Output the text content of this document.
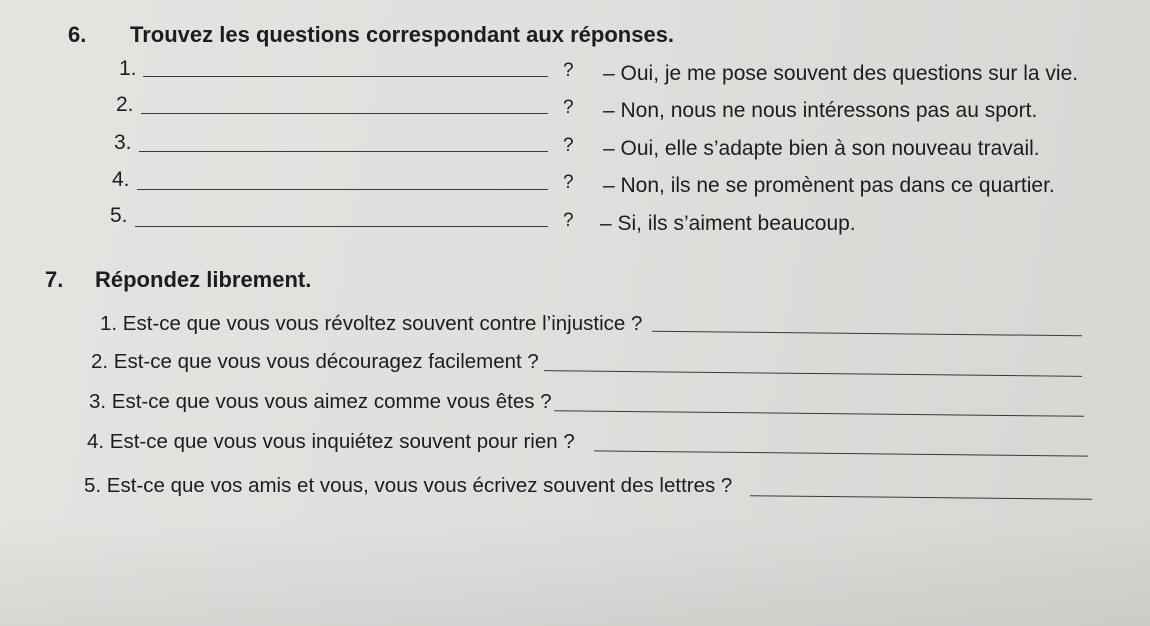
6.	Trouvez les questions correspondant aux réponses.
1.	? – Oui, je me pose souvent des questions sur la vie.
2.	? – Non, nous ne nous intéressons pas au sport.
3.	? – Oui, elle s’adapte bien à son nouveau travail.
4.	? – Non, ils ne se promènent pas dans ce quartier.
5.	? – Si, ils s’aiment beaucoup.
7.	Répondez librement.
1. Est-ce que vous vous révoltez souvent contre l’injustice ?
2. Est-ce que vous vous découragez facilement ?
3. Est-ce que vous vous aimez comme vous êtes ?
4. Est-ce que vous vous inquiétez souvent pour rien ?
5. Est-ce que vos amis et vous, vous vous écrivez souvent des lettres ?
